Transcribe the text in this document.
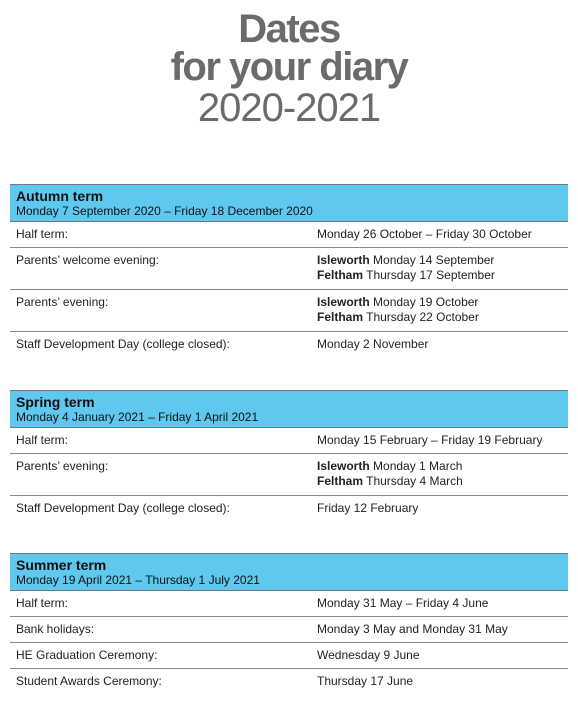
Dates
for your diary
2020-2021
Autumn term
Monday 7 September 2020 – Friday 18 December 2020
Half term:	Monday 26 October – Friday 30 October
Parents’ welcome evening:	Isleworth Monday 14 September
Feltham Thursday 17 September
Parents’ evening:	Isleworth Monday 19 October
Feltham Thursday 22 October
Staff Development Day (college closed):	Monday 2 November
Spring term
Monday 4 January 2021 – Friday 1 April 2021
Half term:	Monday 15 February – Friday 19 February
Parents’ evening:	Isleworth Monday 1 March
Feltham Thursday 4 March
Staff Development Day (college closed):	Friday 12 February
Summer term
Monday 19 April 2021 – Thursday 1 July 2021
Half term:	Monday 31 May – Friday 4 June
Bank holidays:	Monday 3 May and Monday 31 May
HE Graduation Ceremony:	Wednesday 9 June
Student Awards Ceremony:	Thursday 17 June
